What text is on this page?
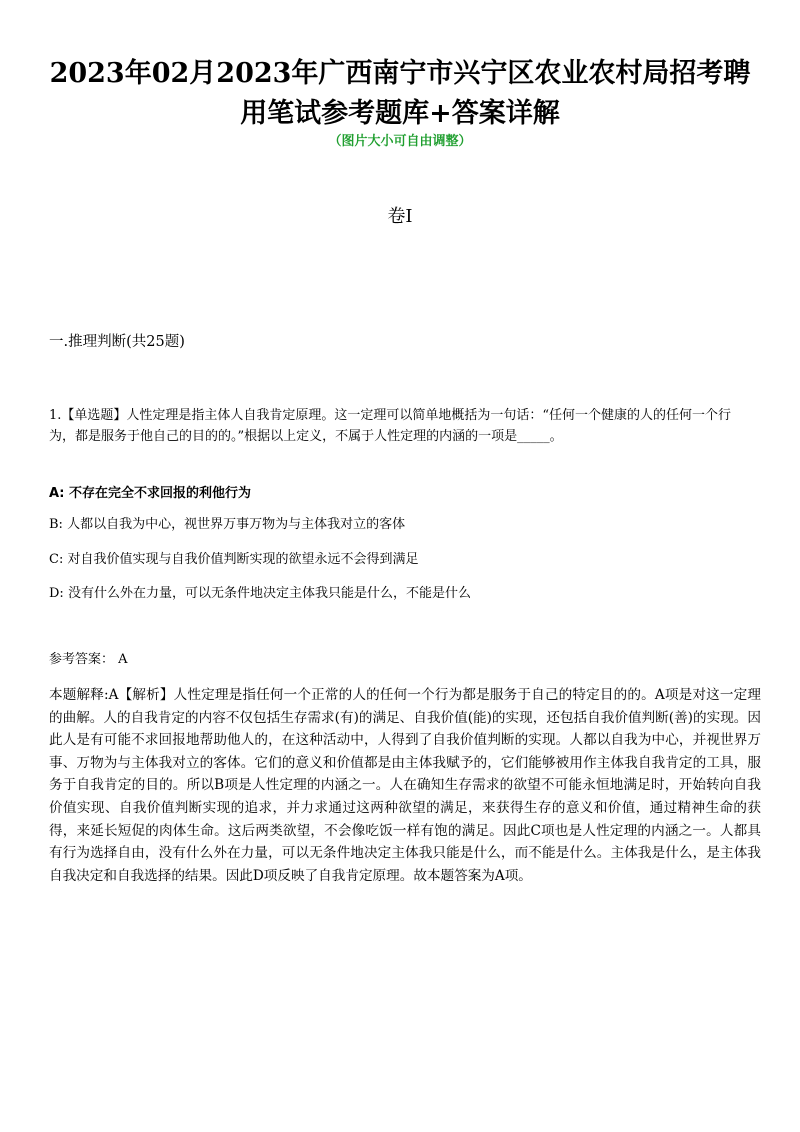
2023年02月2023年广西南宁市兴宁区农业农村局招考聘用笔试参考题库+答案详解
（图片大小可自由调整）
卷I
一.推理判断(共25题)
1.【单选题】人性定理是指主体人自我肯定原理。这一定理可以简单地概括为一句话：“任何一个健康的人的任何一个行为，都是服务于他自己的目的的。”根据以上定义，不属于人性定理的内涵的一项是_____。
A: 不存在完全不求回报的利他行为
B: 人都以自我为中心，视世界万事万物为与主体我对立的客体
C: 对自我价值实现与自我价值判断实现的欲望永远不会得到满足
D: 没有什么外在力量，可以无条件地决定主体我只能是什么，不能是什么
参考答案： A
本题解释:A【解析】人性定理是指任何一个正常的人的任何一个行为都是服务于自己的特定目的的。A项是对这一定理的曲解。人的自我肯定的内容不仅包括生存需求(有)的满足、自我价值(能)的实现，还包括自我价值判断(善)的实现。因此人是有可能不求回报地帮助他人的，在这种活动中，人得到了自我价值判断的实现。人都以自我为中心，并视世界万事、万物为与主体我对立的客体。它们的意义和价值都是由主体我赋予的，它们能够被用作主体我自我肯定的工具，服务于自我肯定的目的。所以B项是人性定理的内涵之一。人在确知生存需求的欲望不可能永恒地满足时，开始转向自我价值实现、自我价值判断实现的追求，并力求通过这两种欲望的满足，来获得生存的意义和价值，通过精神生命的获得，来延长短促的肉体生命。这后两类欲望，不会像吃饭一样有饱的满足。因此C项也是人性定理的内涵之一。人都具有行为选择自由，没有什么外在力量，可以无条件地决定主体我只能是什么，而不能是什么。主体我是什么，是主体我自我决定和自我选择的结果。因此D项反映了自我肯定原理。故本题答案为A项。
